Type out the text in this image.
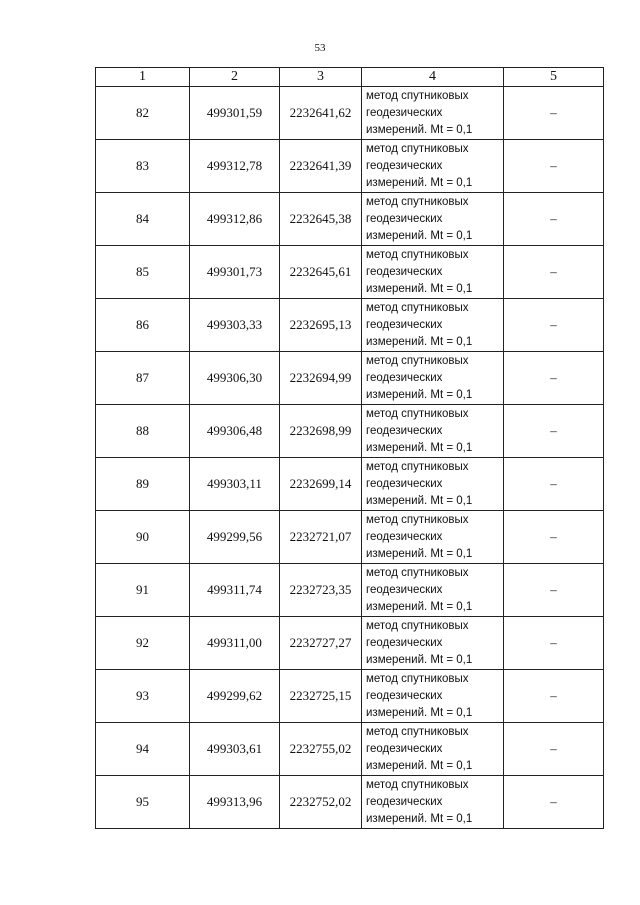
53
1	2	3	4	5
82	499301,59	2232641,62	метод спутниковых
геодезических
измерений. Mt = 0,1	–
83	499312,78	2232641,39	метод спутниковых
геодезических
измерений. Mt = 0,1	–
84	499312,86	2232645,38	метод спутниковых
геодезических
измерений. Mt = 0,1	–
85	499301,73	2232645,61	метод спутниковых
геодезических
измерений. Mt = 0,1	–
86	499303,33	2232695,13	метод спутниковых
геодезических
измерений. Mt = 0,1	–
87	499306,30	2232694,99	метод спутниковых
геодезических
измерений. Mt = 0,1	–
88	499306,48	2232698,99	метод спутниковых
геодезических
измерений. Mt = 0,1	–
89	499303,11	2232699,14	метод спутниковых
геодезических
измерений. Mt = 0,1	–
90	499299,56	2232721,07	метод спутниковых
геодезических
измерений. Mt = 0,1	–
91	499311,74	2232723,35	метод спутниковых
геодезических
измерений. Mt = 0,1	–
92	499311,00	2232727,27	метод спутниковых
геодезических
измерений. Mt = 0,1	–
93	499299,62	2232725,15	метод спутниковых
геодезических
измерений. Mt = 0,1	–
94	499303,61	2232755,02	метод спутниковых
геодезических
измерений. Mt = 0,1	–
95	499313,96	2232752,02	метод спутниковых
геодезических
измерений. Mt = 0,1	–
